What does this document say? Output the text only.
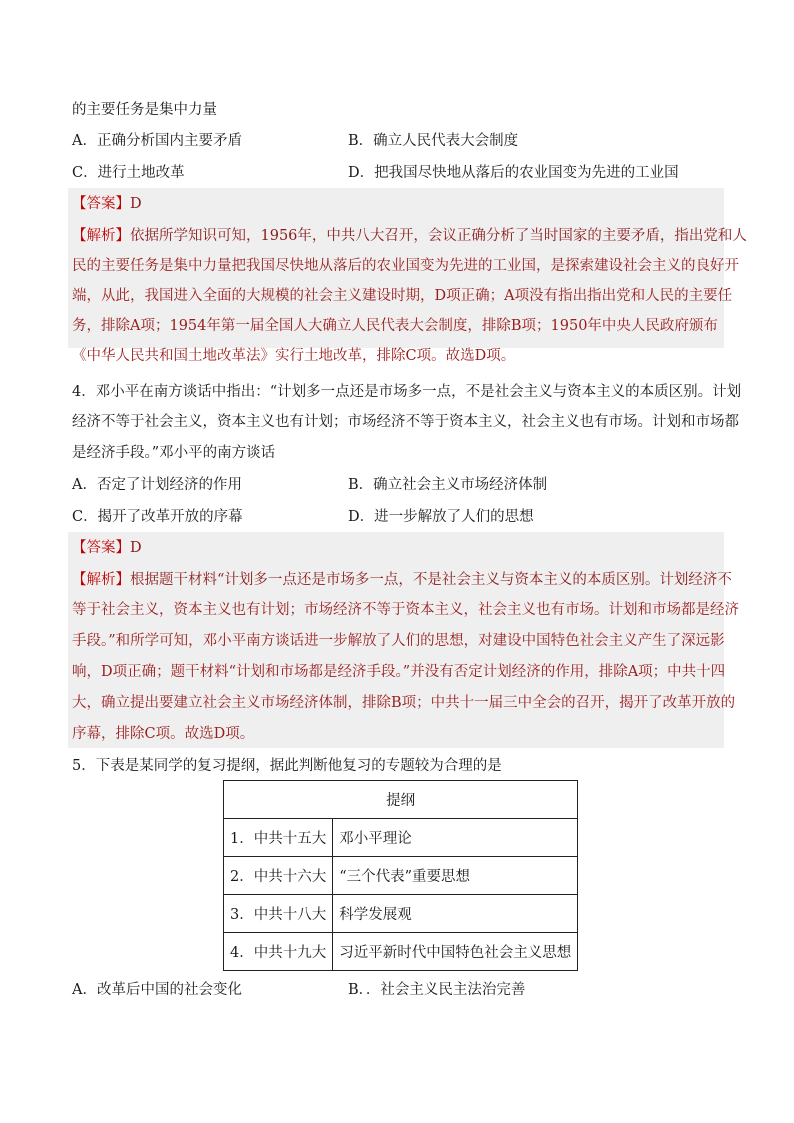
的主要任务是集中力量
A．正确分析国内主要矛盾	B．确立人民代表大会制度
C．进行土地改革	D．把我国尽快地从落后的农业国变为先进的工业国
【答案】D
【解析】依据所学知识可知，1956年，中共八大召开，会议正确分析了当时国家的主要矛盾，指出党和人
民的主要任务是集中力量把我国尽快地从落后的农业国变为先进的工业国，是探索建设社会主义的良好开
端，从此，我国进入全面的大规模的社会主义建设时期，D项正确；A项没有指出指出党和人民的主要任
务，排除A项；1954年第一届全国人大确立人民代表大会制度，排除B项；1950年中央人民政府颁布
《中华人民共和国土地改革法》实行土地改革，排除C项。故选D项。
4．邓小平在南方谈话中指出：“计划多一点还是市场多一点，不是社会主义与资本主义的本质区别。计划
经济不等于社会主义，资本主义也有计划；市场经济不等于资本主义，社会主义也有市场。计划和市场都
是经济手段。”邓小平的南方谈话
A．否定了计划经济的作用	B．确立社会主义市场经济体制
C．揭开了改革开放的序幕	D．进一步解放了人们的思想
【答案】D
【解析】根据题干材料“计划多一点还是市场多一点，不是社会主义与资本主义的本质区别。计划经济不
等于社会主义，资本主义也有计划；市场经济不等于资本主义，社会主义也有市场。计划和市场都是经济
手段。”和所学可知，邓小平南方谈话进一步解放了人们的思想，对建设中国特色社会主义产生了深远影
响，D项正确；题干材料“计划和市场都是经济手段。”并没有否定计划经济的作用，排除A项；中共十四
大，确立提出要建立社会主义市场经济体制，排除B项；中共十一届三中全会的召开，揭开了改革开放的
序幕，排除C项。故选D项。
5．下表是某同学的复习提纲，据此判断他复习的专题较为合理的是
提纲	
1．中共十五大	邓小平理论
2．中共十六大	“三个代表”重要思想
3．中共十八大	科学发展观
4．中共十九大	习近平新时代中国特色社会主义思想
A．改革后中国的社会变化	B．．社会主义民主法治完善
